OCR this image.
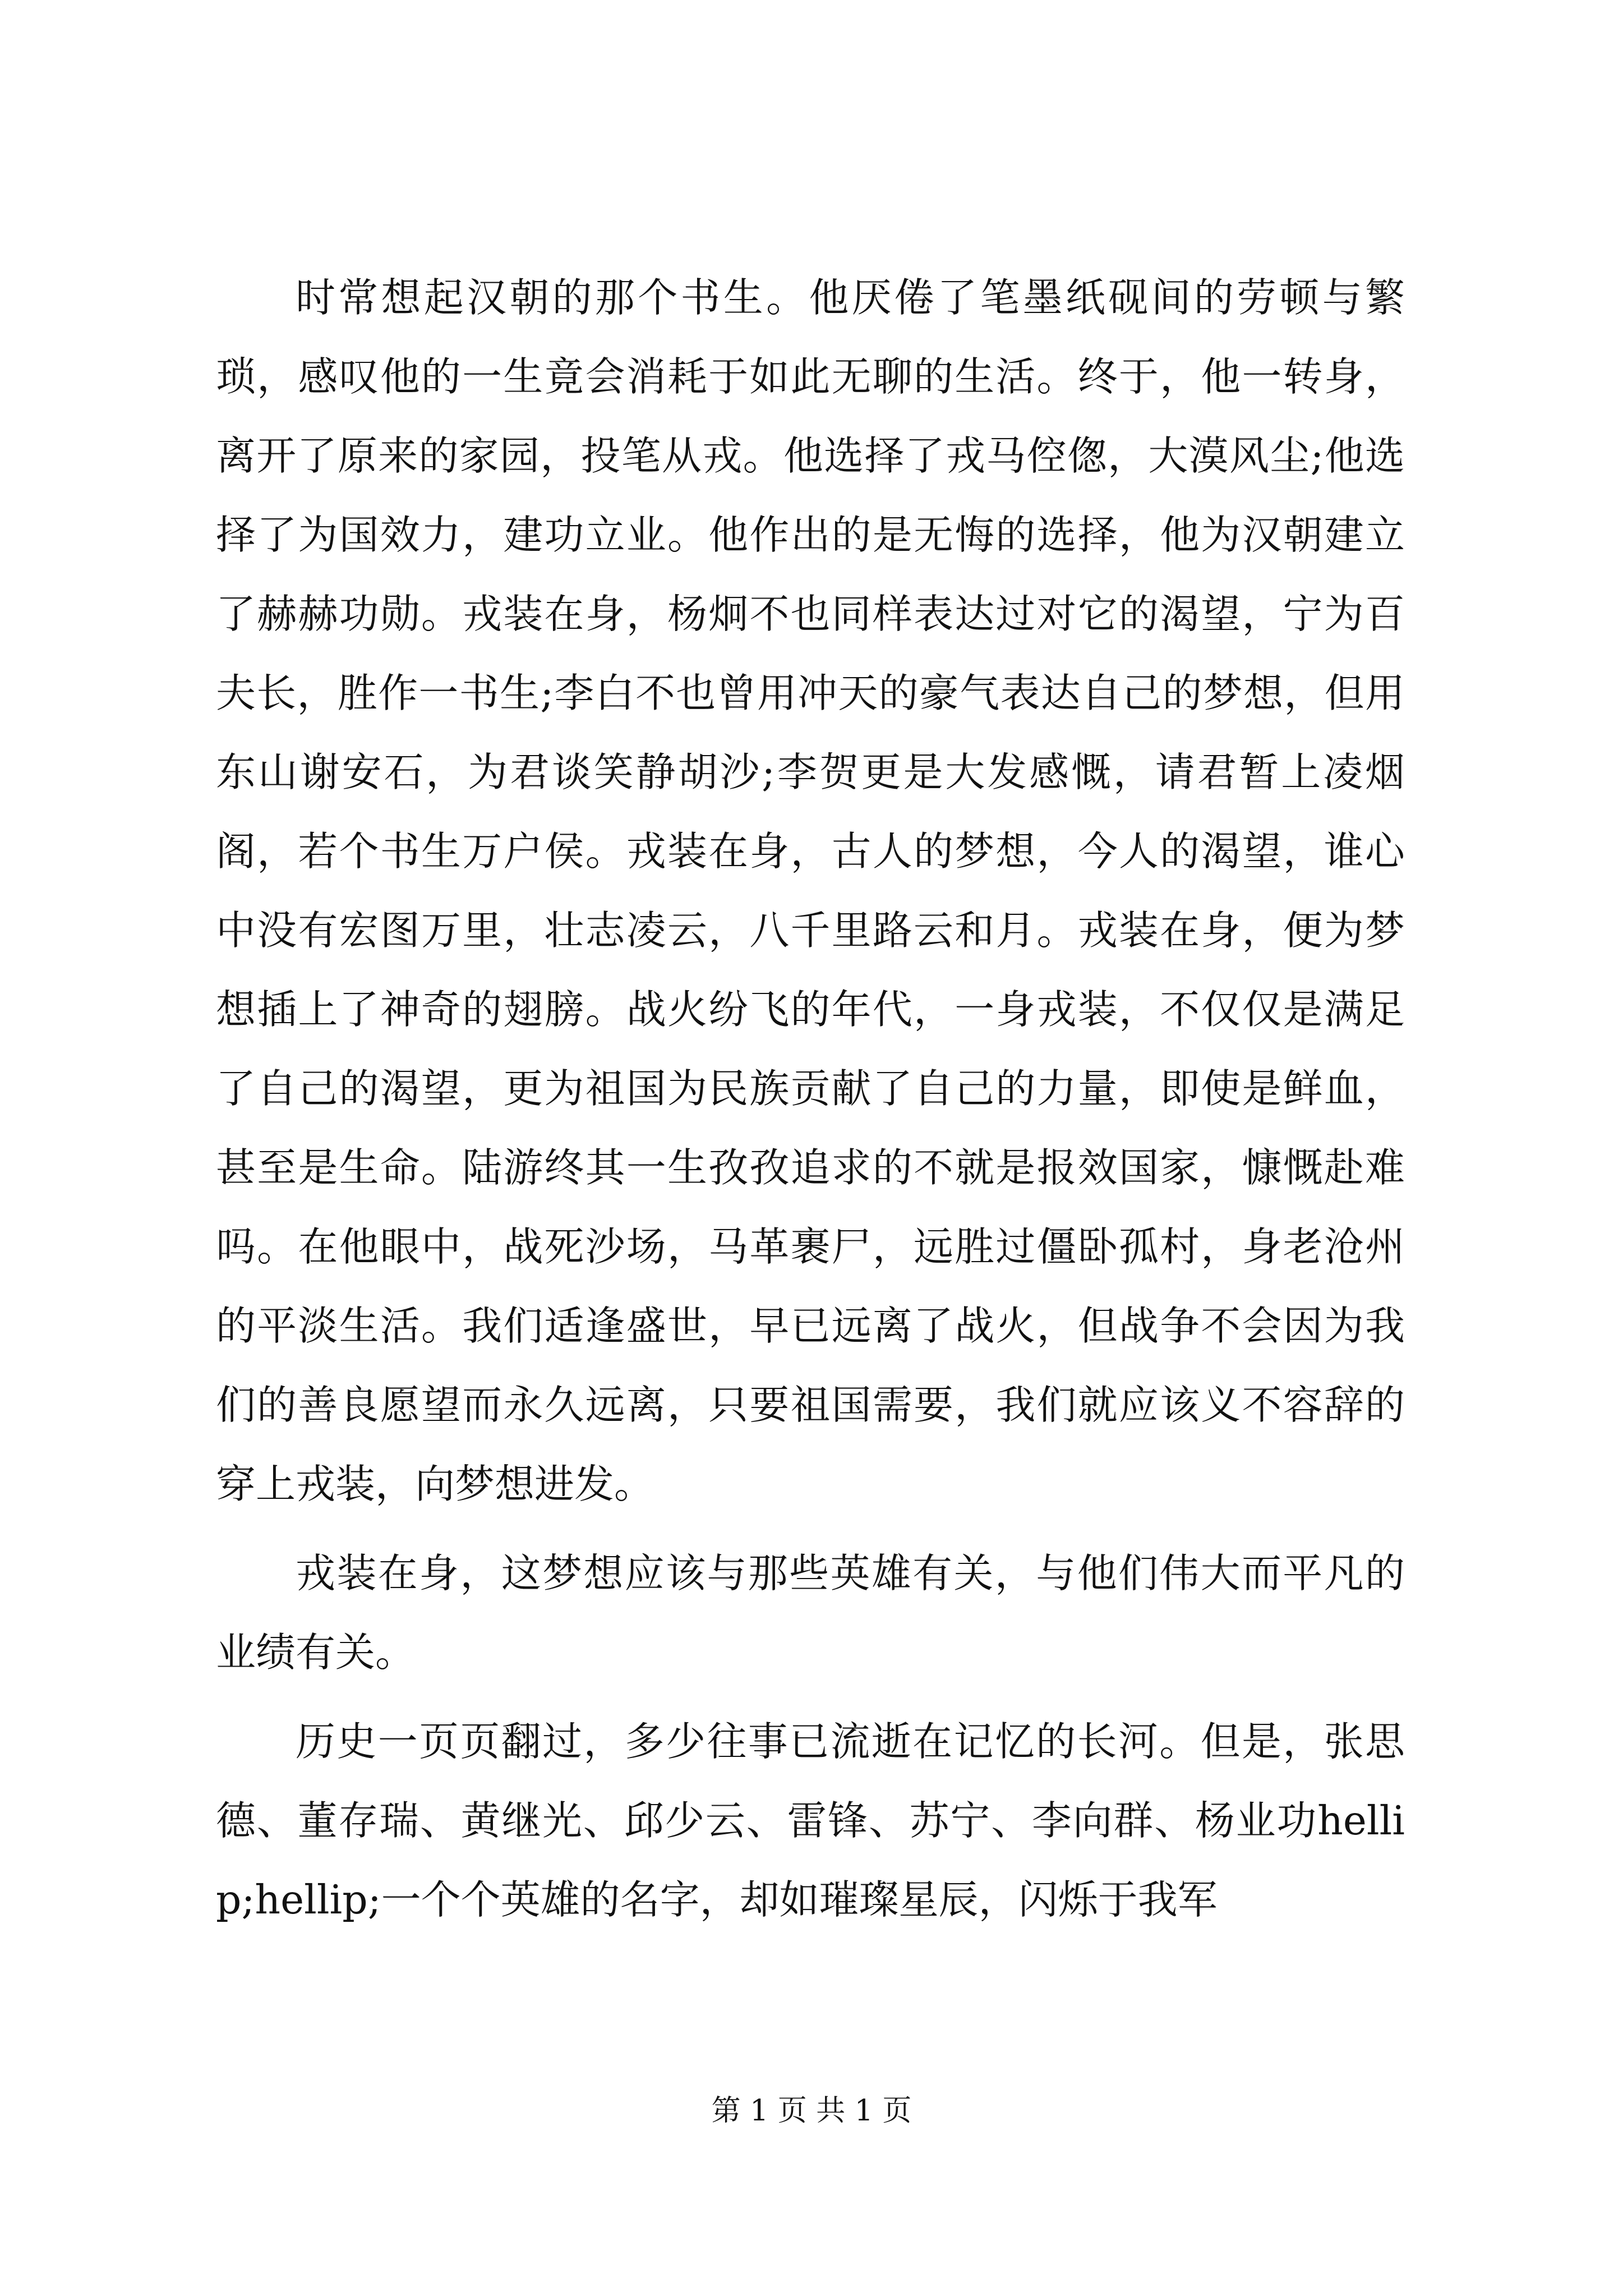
时常想起汉朝的那个书生。他厌倦了笔墨纸砚间的劳顿与繁琐，感叹他的一生竟会消耗于如此无聊的生活。终于，他一转身，离开了原来的家园，投笔从戎。他选择了戎马倥偬，大漠风尘;他选择了为国效力，建功立业。他作出的是无悔的选择，他为汉朝建立了赫赫功勋。戎装在身，杨炯不也同样表达过对它的渴望，宁为百夫长，胜作一书生;李白不也曾用冲天的豪气表达自己的梦想，但用东山谢安石，为君谈笑静胡沙;李贺更是大发感慨，请君暂上凌烟阁，若个书生万户侯。戎装在身，古人的梦想，今人的渴望，谁心中没有宏图万里，壮志凌云，八千里路云和月。戎装在身，便为梦想插上了神奇的翅膀。战火纷飞的年代，一身戎装，不仅仅是满足了自己的渴望，更为祖国为民族贡献了自己的力量，即使是鲜血，甚至是生命。陆游终其一生孜孜追求的不就是报效国家，慷慨赴难吗。在他眼中，战死沙场，马革裹尸，远胜过僵卧孤村，身老沧州的平淡生活。我们适逢盛世，早已远离了战火，但战争不会因为我们的善良愿望而永久远离，只要祖国需要，我们就应该义不容辞的穿上戎装，向梦想进发。

戎装在身，这梦想应该与那些英雄有关，与他们伟大而平凡的业绩有关。

历史一页页翻过，多少往事已流逝在记忆的长河。但是，张思德、董存瑞、黄继光、邱少云、雷锋、苏宁、李向群、杨业功hellip;hellip;一个个英雄的名字，却如璀璨星辰，闪烁于我军

第 1 页 共 1 页
